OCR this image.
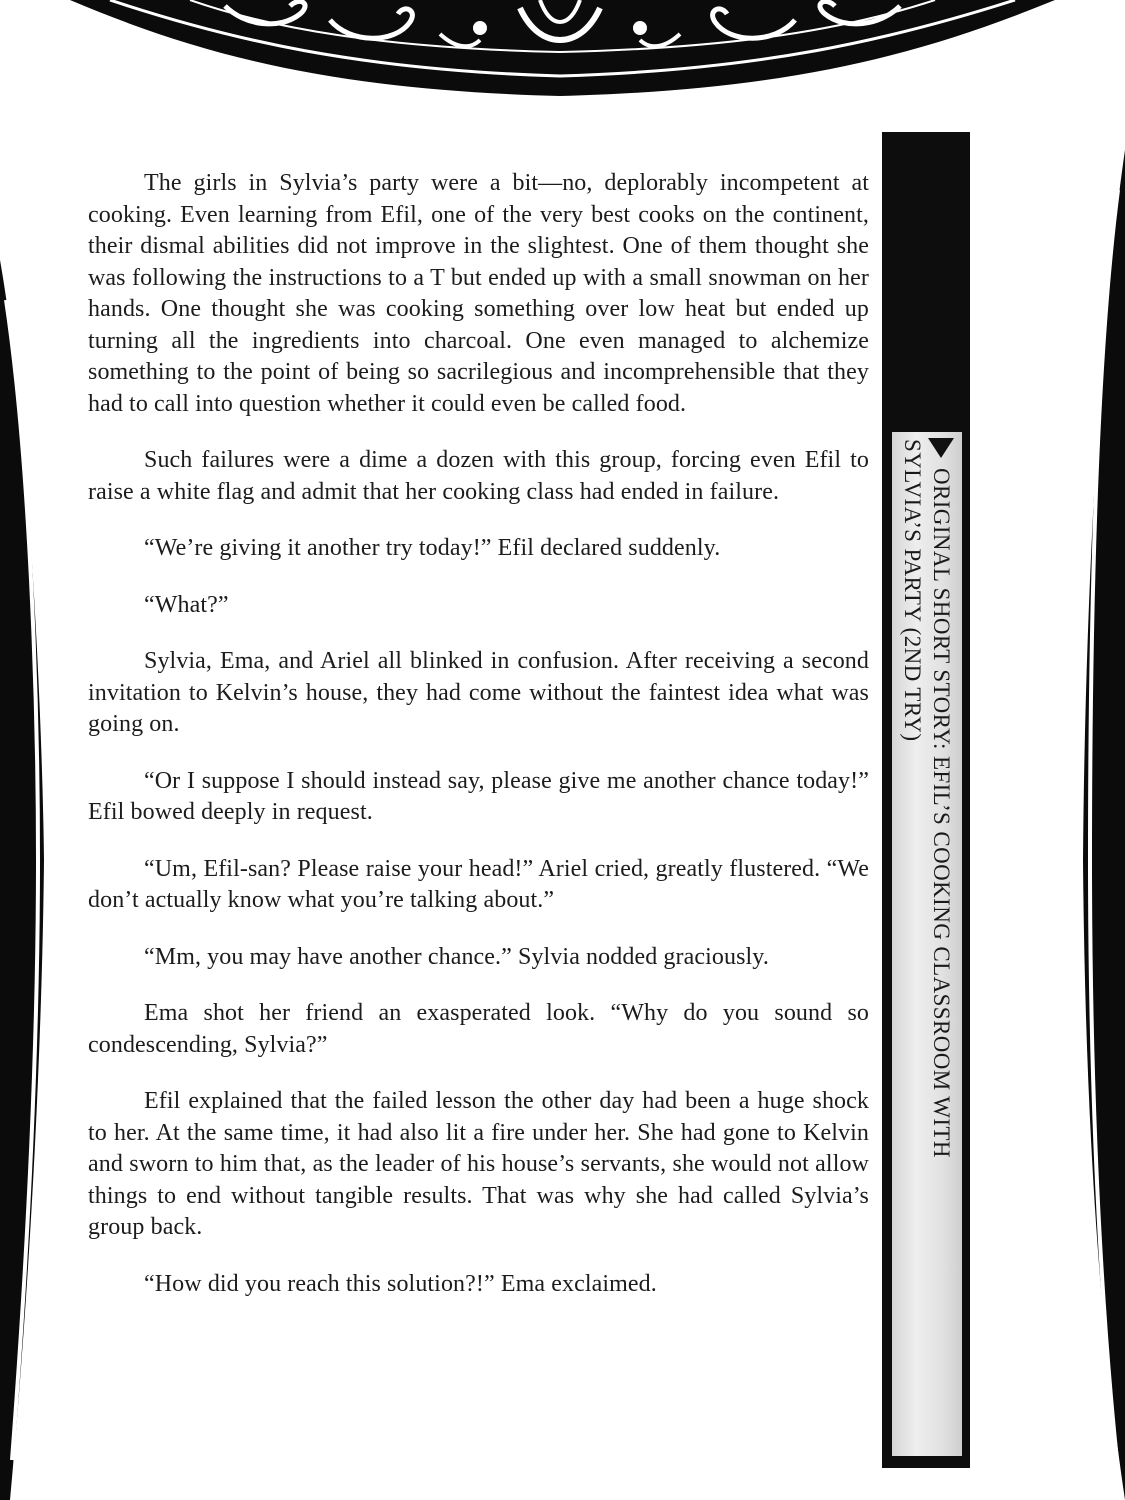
The girls in Sylvia’s party were a bit—no, deplorably incompetent at cooking. Even learning from Efil, one of the very best cooks on the continent, their dismal abilities did not improve in the slightest. One of them thought she was following the instructions to a T but ended up with a small snowman on her hands. One thought she was cooking something over low heat but ended up turning all the ingredients into charcoal. One even managed to alchemize something to the point of being so sacrilegious and incomprehensible that they had to call into question whether it could even be called food.

Such failures were a dime a dozen with this group, forcing even Efil to raise a white flag and admit that her cooking class had ended in failure.

“We’re giving it another try today!” Efil declared suddenly.

“What?”

Sylvia, Ema, and Ariel all blinked in confusion. After receiving a second invitation to Kelvin’s house, they had come without the faintest idea what was going on.

“Or I suppose I should instead say, please give me another chance today!” Efil bowed deeply in request.

“Um, Efil-san? Please raise your head!” Ariel cried, greatly flustered. “We don’t actually know what you’re talking about.”

“Mm, you may have another chance.” Sylvia nodded graciously.

Ema shot her friend an exasperated look. “Why do you sound so condescending, Sylvia?”

Efil explained that the failed lesson the other day had been a huge shock to her. At the same time, it had also lit a fire under her. She had gone to Kelvin and sworn to him that, as the leader of his house’s servants, she would not allow things to end without tangible results. That was why she had called Sylvia’s group back.

“How did you reach this solution?!” Ema exclaimed.

ORIGINAL SHORT STORY: EFIL’S COOKING CLASSROOM WITH
SYLVIA’S PARTY (2ND TRY)
